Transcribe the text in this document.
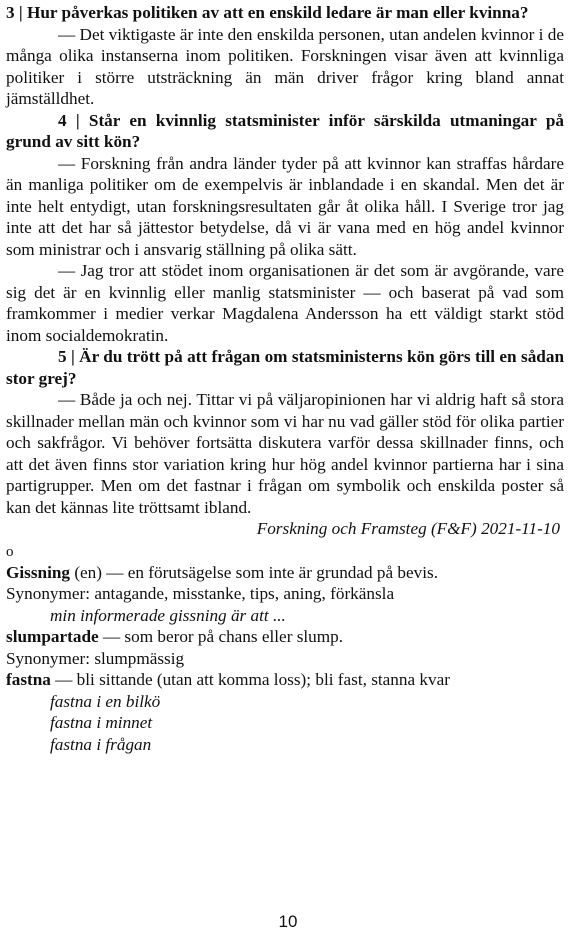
3 | Hur påverkas politiken av att en enskild ledare är man eller kvinna?

— Det viktigaste är inte den enskilda personen, utan andelen kvinnor i de många olika instanserna inom politiken. Forskningen visar även att kvinnliga politiker i större utsträckning än män driver frågor kring bland annat jämställdhet.

4 | Står en kvinnlig statsminister inför särskilda utmaningar på grund av sitt kön?

— Forskning från andra länder tyder på att kvinnor kan straffas hårdare än manliga politiker om de exempelvis är inblandade i en skandal. Men det är inte helt entydigt, utan forskningsresultaten går åt olika håll. I Sverige tror jag inte att det har så jättestor betydelse, då vi är vana med en hög andel kvinnor som ministrar och i ansvarig ställning på olika sätt.

— Jag tror att stödet inom organisationen är det som är avgörande, vare sig det är en kvinnlig eller manlig statsminister — och baserat på vad som framkommer i medier verkar Magdalena Andersson ha ett väldigt starkt stöd inom socialdemokratin.

5 | Är du trött på att frågan om statsministerns kön görs till en sådan stor grej?

— Både ja och nej. Tittar vi på väljaropinionen har vi aldrig haft så stora skillnader mellan män och kvinnor som vi har nu vad gäller stöd för olika partier och sakfrågor. Vi behöver fortsätta diskutera varför dessa skillnader finns, och att det även finns stor variation kring hur hög andel kvinnor partierna har i sina partigrupper. Men om det fastnar i frågan om symbolik och enskilda poster så kan det kännas lite tröttsamt ibland.

Forskning och Framsteg (F&F) 2021-11-10

o

Gissning (en) — en förutsägelse som inte är grundad på bevis.

Synonymer: antagande, misstanke, tips, aning, förkänsla

min informerade gissning är att ...

slumpartade — som beror på chans eller slump.

Synonymer: slumpmässig

fastna — bli sittande (utan att komma loss); bli fast, stanna kvar

fastna i en bilkö

fastna i minnet

fastna i frågan

10
